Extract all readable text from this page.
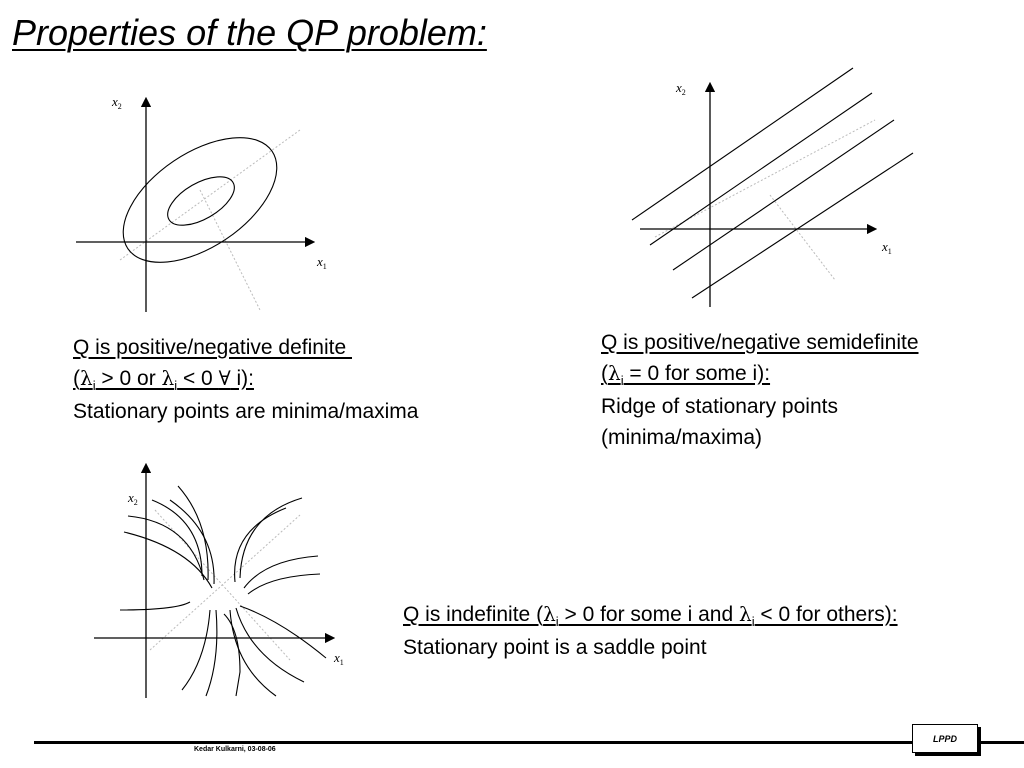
Properties of the QP problem:
$x_2$
$x_1$
$x_2$
$x_1$
$x_2$
$x_1$
Q is positive/negative definite
($\lambda_i > 0$ or $\lambda_i < 0$ ∀ i):
Stationary points are minima/maxima
Q is positive/negative semidefinite
($\lambda_i = 0$ for some i):
Ridge of stationary points
(minima/maxima)
Q is indefinite ($\lambda_i > 0$ for some i and $\lambda_i < 0$ for others):
Stationary point is a saddle point
Kedar Kulkarni, 03-08-06
LPPD
